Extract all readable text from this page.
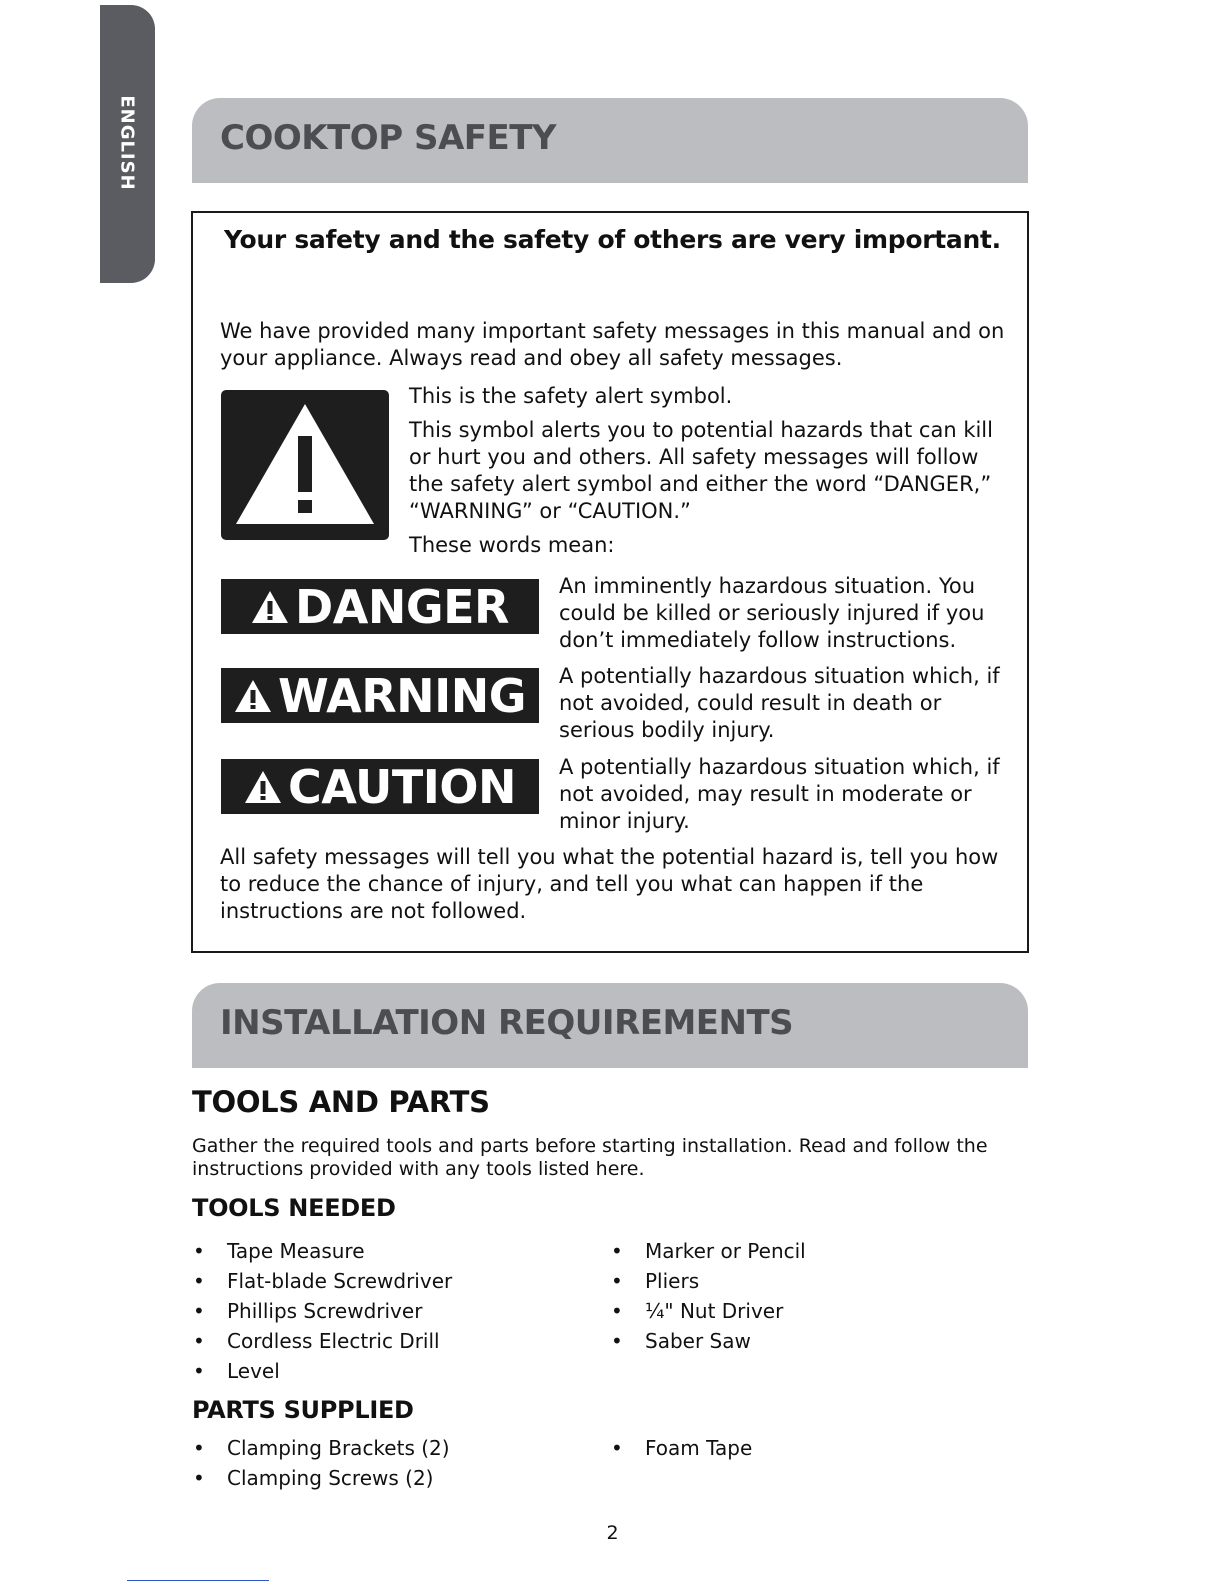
ENGLISH	COOKTOP SAFETY
Your safety and the safety of others are very important.
We have provided many important safety messages in this manual and on your appliance. Always read and obey all safety messages.
This is the safety alert symbol.
This symbol alerts you to potential hazards that can kill or hurt you and others. All safety messages will follow the safety alert symbol and either the word “DANGER,” “WARNING” or “CAUTION.”
These words mean:
DANGER An imminently hazardous situation. You could be killed or seriously injured if you don’t immediately follow instructions.
WARNING A potentially hazardous situation which, if not avoided, could result in death or serious bodily injury.
CAUTION A potentially hazardous situation which, if not avoided, may result in moderate or minor injury.
All safety messages will tell you what the potential hazard is, tell you how to reduce the chance of injury, and tell you what can happen if the instructions are not followed.
INSTALLATION REQUIREMENTS
TOOLS AND PARTS
Gather the required tools and parts before starting installation. Read and follow the instructions provided with any tools listed here.
TOOLS NEEDED
• Tape Measure
• Flat-blade Screwdriver
• Phillips Screwdriver
• Cordless Electric Drill
• Level
• Marker or Pencil
• Pliers
• ¼" Nut Driver
• Saber Saw
PARTS SUPPLIED
• Clamping Brackets (2)
• Clamping Screws (2)
• Foam Tape
2
